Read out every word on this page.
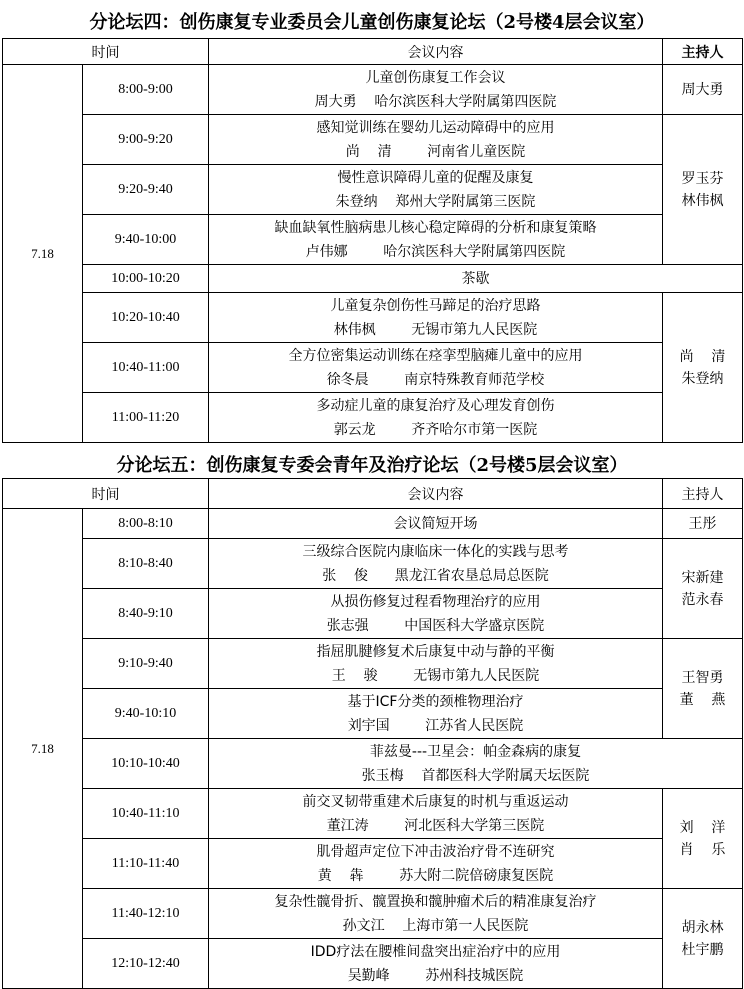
分论坛四：创伤康复专业委员会儿童创伤康复论坛（2号楼4层会议室）
时间		会议内容	主持人
7.18	8:00-9:00	儿童创伤康复工作会议
周大勇    哈尔滨医科大学附属第四医院	周大勇

	9:00-9:20	感知觉训练在婴幼儿运动障碍中的应用
尚    清        河南省儿童医院	罗玉芬
林伟枫

	9:20-9:40	慢性意识障碍儿童的促醒及康复
朱登纳    郑州大学附属第三医院	

	9:40-10:00	缺血缺氧性脑病患儿核心稳定障碍的分析和康复策略
卢伟娜        哈尔滨医科大学附属第四医院	

	10:00-10:20	茶歇	
	10:20-10:40	儿童复杂创伤性马蹄足的治疗思路
林伟枫        无锡市第九人民医院	尚    清
朱登纳

	10:40-11:00	全方位密集运动训练在痉挛型脑瘫儿童中的应用
徐冬晨        南京特殊教育师范学校	

	11:00-11:20	多动症儿童的康复治疗及心理发育创伤
郭云龙        齐齐哈尔市第一医院	
分论坛五：创伤康复专委会青年及治疗论坛（2号楼5层会议室）
时间		会议内容	主持人
7.18	8:00-8:10	会议简短开场	王彤
	8:10-8:40	三级综合医院内康临床一体化的实践与思考
张    俊      黑龙江省农垦总局总医院	宋新建
范永春

	8:40-9:10	从损伤修复过程看物理治疗的应用
张志强        中国医科大学盛京医院	

	9:10-9:40	指屈肌腱修复术后康复中动与静的平衡
王    骏        无锡市第九人民医院	王智勇
董    燕

	9:40-10:10	基于ICF分类的颈椎物理治疗
刘宇国        江苏省人民医院	

	10:10-10:40	菲兹曼---卫星会：帕金森病的康复
张玉梅    首都医科大学附属天坛医院	

	10:40-11:10	前交叉韧带重建术后康复的时机与重返运动
董江涛        河北医科大学第三医院	刘    洋
肖    乐

	11:10-11:40	肌骨超声定位下冲击波治疗骨不连研究
黄    犇        苏大附二院倍磅康复医院	

	11:40-12:10	复杂性髋骨折、髋置换和髋肿瘤术后的精准康复治疗
孙文江    上海市第一人民医院	胡永林
杜宇鹏

	12:10-12:40	IDD疗法在腰椎间盘突出症治疗中的应用
吴勤峰        苏州科技城医院	
